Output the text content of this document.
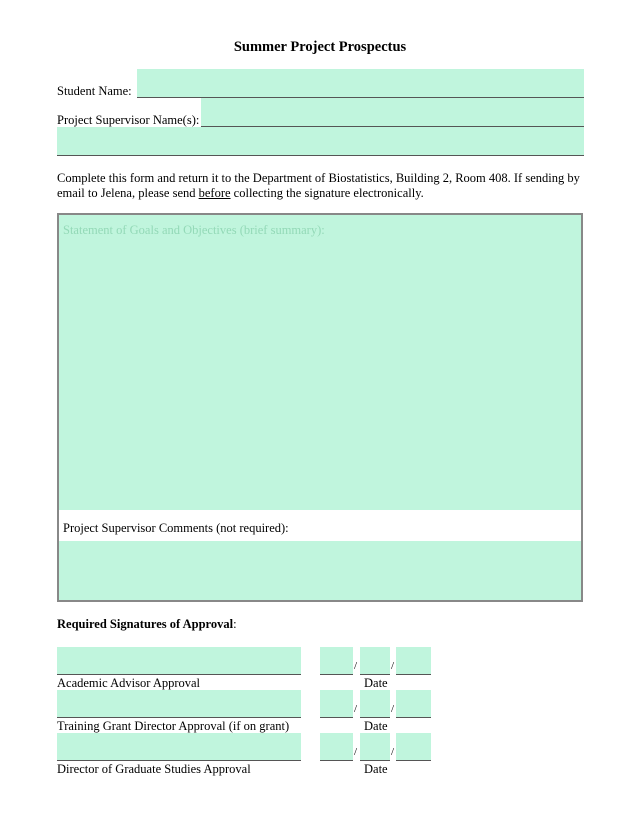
Summer Project Prospectus
Student Name:
Project Supervisor Name(s):
Complete this form and return it to the Department of Biostatistics, Building 2, Room 408. If sending by email to Jelena, please send before collecting the signature electronically.
Statement of Goals and Objectives (brief summary):
Project Supervisor Comments (not required):
Required Signatures of Approval:
Academic Advisor Approval
/	/
Date
Training Grant Director Approval (if on grant)
/	/
Date
Director of Graduate Studies Approval
/	/
Date
